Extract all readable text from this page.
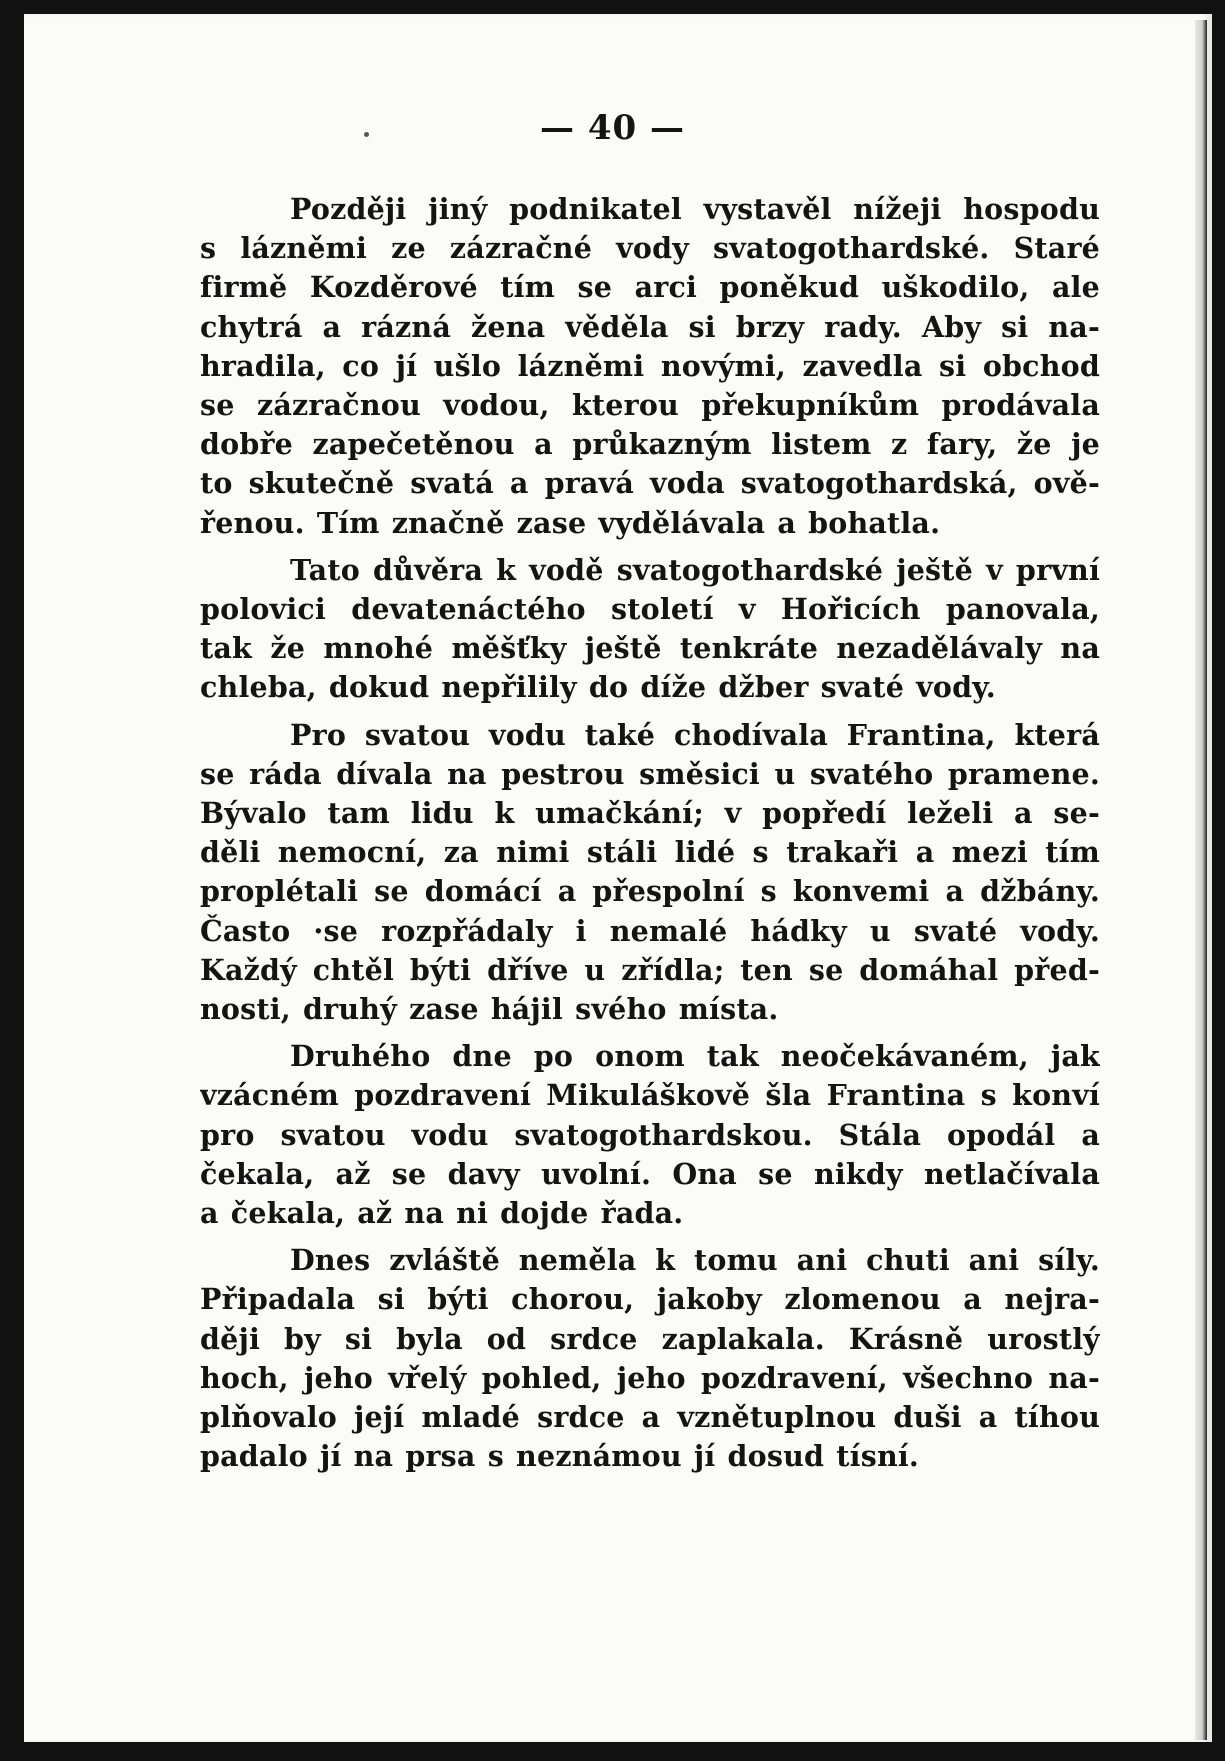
— 40 —
Později jiný podnikatel vystavěl nížeji hospodu
s lázněmi ze zázračné vody svatogothardské. Staré
firmě Kozděrové tím se arci poněkud uškodilo, ale
chytrá a rázná žena věděla si brzy rady. Aby si na-
hradila, co jí ušlo lázněmi novými, zavedla si obchod
se zázračnou vodou, kterou překupníkům prodávala
dobře zapečetěnou a průkazným listem z fary, že je
to skutečně svatá a pravá voda svatogothardská, ově-
řenou. Tím značně zase vydělávala a bohatla.
Tato důvěra k vodě svatogothardské ještě v první
polovici devatenáctého století v Hořicích panovala,
tak že mnohé měšťky ještě tenkráte nezadělávaly na
chleba, dokud nepřilily do díže džber svaté vody.
Pro svatou vodu také chodívala Frantina, která
se ráda dívala na pestrou směsici u svatého pramene.
Bývalo tam lidu k umačkání; v popředí leželi a se-
děli nemocní, za nimi stáli lidé s trakaři a mezi tím
proplétali se domácí a přespolní s konvemi a džbány.
Často ·se rozpřádaly i nemalé hádky u svaté vody.
Každý chtěl býti dříve u zřídla; ten se domáhal před-
nosti, druhý zase hájil svého místa.
Druhého dne po onom tak neočekávaném, jak
vzácném pozdravení Mikuláškově šla Frantina s konví
pro svatou vodu svatogothardskou. Stála opodál a
čekala, až se davy uvolní. Ona se nikdy netlačívala
a čekala, až na ni dojde řada.
Dnes zvláště neměla k tomu ani chuti ani síly.
Připadala si býti chorou, jakoby zlomenou a nejra-
ději by si byla od srdce zaplakala. Krásně urostlý
hoch, jeho vřelý pohled, jeho pozdravení, všechno na-
plňovalo její mladé srdce a vznětuplnou duši a tíhou
padalo jí na prsa s neznámou jí dosud tísní.
